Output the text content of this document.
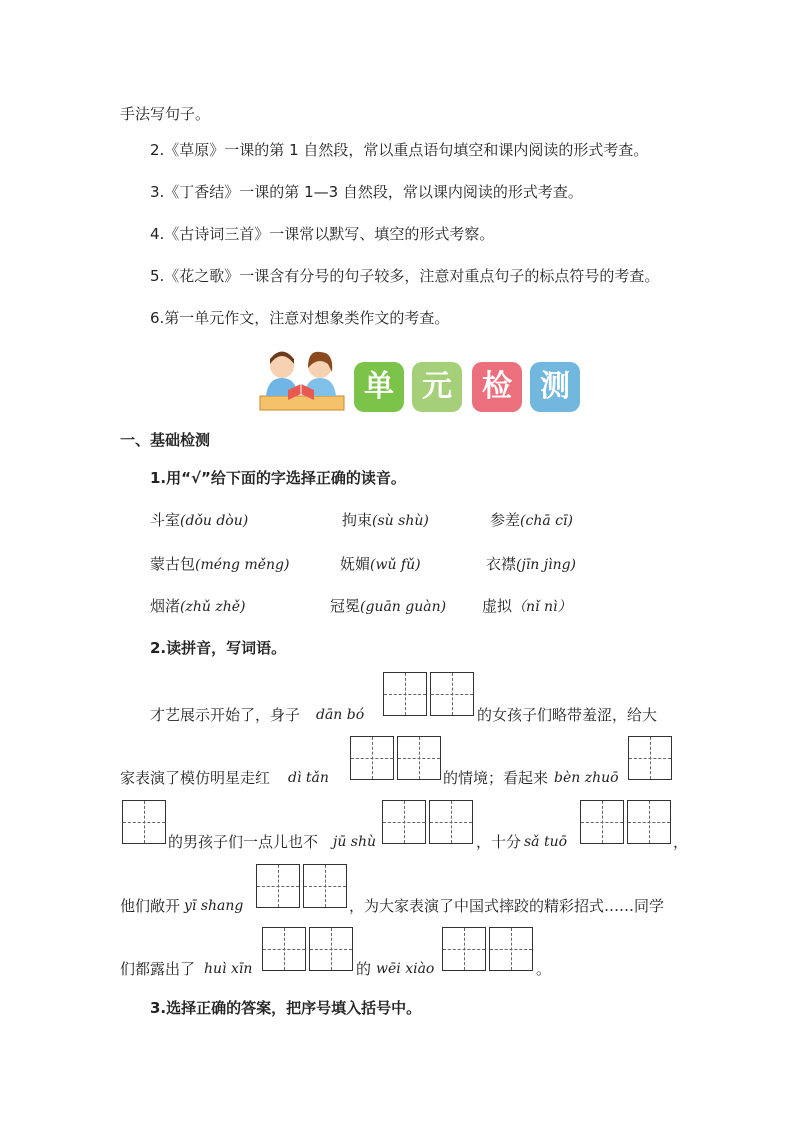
手法写句子。
2.《草原》一课的第 1 自然段，常以重点语句填空和课内阅读的形式考查。
3.《丁香结》一课的第 1—3 自然段，常以课内阅读的形式考查。
4.《古诗词三首》一课常以默写、填空的形式考察。
5.《花之歌》一课含有分号的句子较多，注意对重点句子的标点符号的考查。
6.第一单元作文，注意对想象类作文的考查。
单 元	检 测
一、基础检测
1.用“√”给下面的字选择正确的读音。
斗室(dǒu dòu)	拘束(sù shù)	参差(chā cī)
蒙古包(méng měng)	妩媚(wǔ fǔ)	衣襟(jīn jìng)
烟渚(zhǔ zhě)	冠冕(guān guàn) 虚拟（nǐ nì）
2.读拼音，写词语。
才艺展示开始了，身子 dān bó	的女孩子们略带羞涩，给大
家表演了模仿明星走红 dì tǎn	的情境；看起来 bèn zhuō
的男孩子们一点儿也不 jū shù	，十分 sǎ tuō	，
他们敞开 yī shang	，为大家表演了中国式摔跤的精彩招式……同学
们都露出了 huì xīn	的 wēi xiào	。
3.选择正确的答案，把序号填入括号中。
